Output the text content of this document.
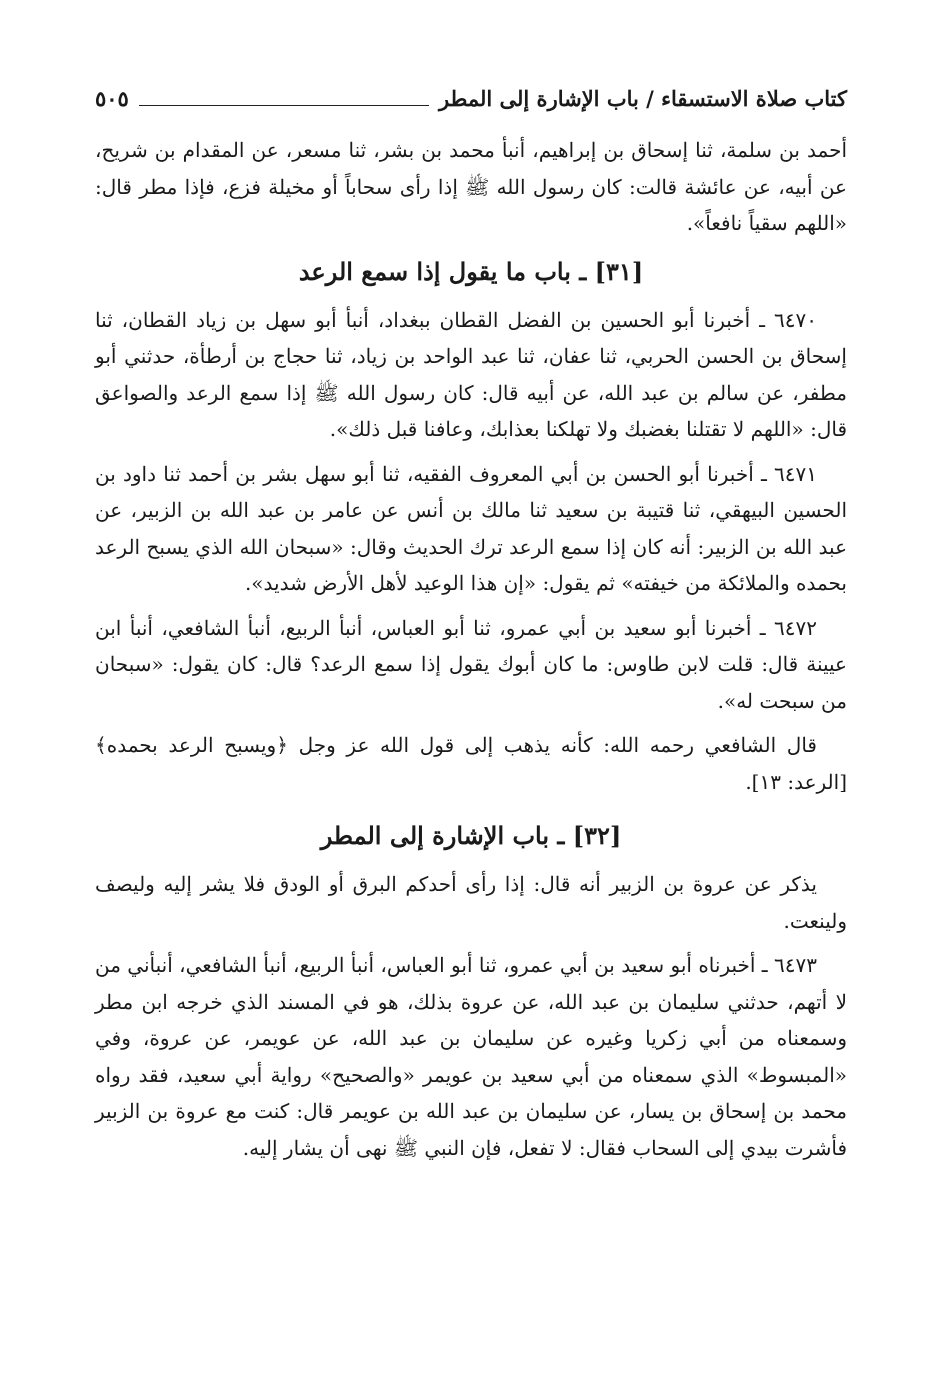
كتاب صلاة الاستسقاء / باب الإشارة إلى المطر
٥٠٥

أحمد بن سلمة، ثنا إسحاق بن إبراهيم، أنبأ محمد بن بشر، ثنا مسعر، عن المقدام بن شريح، عن أبيه، عن عائشة قالت: كان رسول الله ﷺ إذا رأى سحاباً أو مخيلة فزع، فإذا مطر قال: «اللهم سقياً نافعاً».

[٣١] ـ باب ما يقول إذا سمع الرعد

٦٤٧٠ ـ أخبرنا أبو الحسين بن الفضل القطان ببغداد، أنبأ أبو سهل بن زياد القطان، ثنا إسحاق بن الحسن الحربي، ثنا عفان، ثنا عبد الواحد بن زياد، ثنا حجاج بن أرطأة، حدثني أبو مطفر، عن سالم بن عبد الله، عن أبيه قال: كان رسول الله ﷺ إذا سمع الرعد والصواعق قال: «اللهم لا تقتلنا بغضبك ولا تهلكنا بعذابك، وعافنا قبل ذلك».

٦٤٧١ ـ أخبرنا أبو الحسن بن أبي المعروف الفقيه، ثنا أبو سهل بشر بن أحمد ثنا داود بن الحسين البيهقي، ثنا قتيبة بن سعيد ثنا مالك بن أنس عن عامر بن عبد الله بن الزبير، عن عبد الله بن الزبير: أنه كان إذا سمع الرعد ترك الحديث وقال: «سبحان الله الذي يسبح الرعد بحمده والملائكة من خيفته» ثم يقول: «إن هذا الوعيد لأهل الأرض شديد».

٦٤٧٢ ـ أخبرنا أبو سعيد بن أبي عمرو، ثنا أبو العباس، أنبأ الربيع، أنبأ الشافعي، أنبأ ابن عيينة قال: قلت لابن طاوس: ما كان أبوك يقول إذا سمع الرعد؟ قال: كان يقول: «سبحان من سبحت له».

قال الشافعي رحمه الله: كأنه يذهب إلى قول الله عز وجل ﴿ويسبح الرعد بحمده﴾ [الرعد: ١٣].

[٣٢] ـ باب الإشارة إلى المطر

يذكر عن عروة بن الزبير أنه قال: إذا رأى أحدكم البرق أو الودق فلا يشر إليه وليصف ولينعت.

٦٤٧٣ ـ أخبرناه أبو سعيد بن أبي عمرو، ثنا أبو العباس، أنبأ الربيع، أنبأ الشافعي، أنبأني من لا أتهم، حدثني سليمان بن عبد الله، عن عروة بذلك، هو في المسند الذي خرجه ابن مطر وسمعناه من أبي زكريا وغيره عن سليمان بن عبد الله، عن عويمر، عن عروة، وفي «المبسوط» الذي سمعناه من أبي سعيد بن عويمر «والصحيح» رواية أبي سعيد، فقد رواه محمد بن إسحاق بن يسار، عن سليمان بن عبد الله بن عويمر قال: كنت مع عروة بن الزبير فأشرت بيدي إلى السحاب فقال: لا تفعل، فإن النبي ﷺ نهى أن يشار إليه.
